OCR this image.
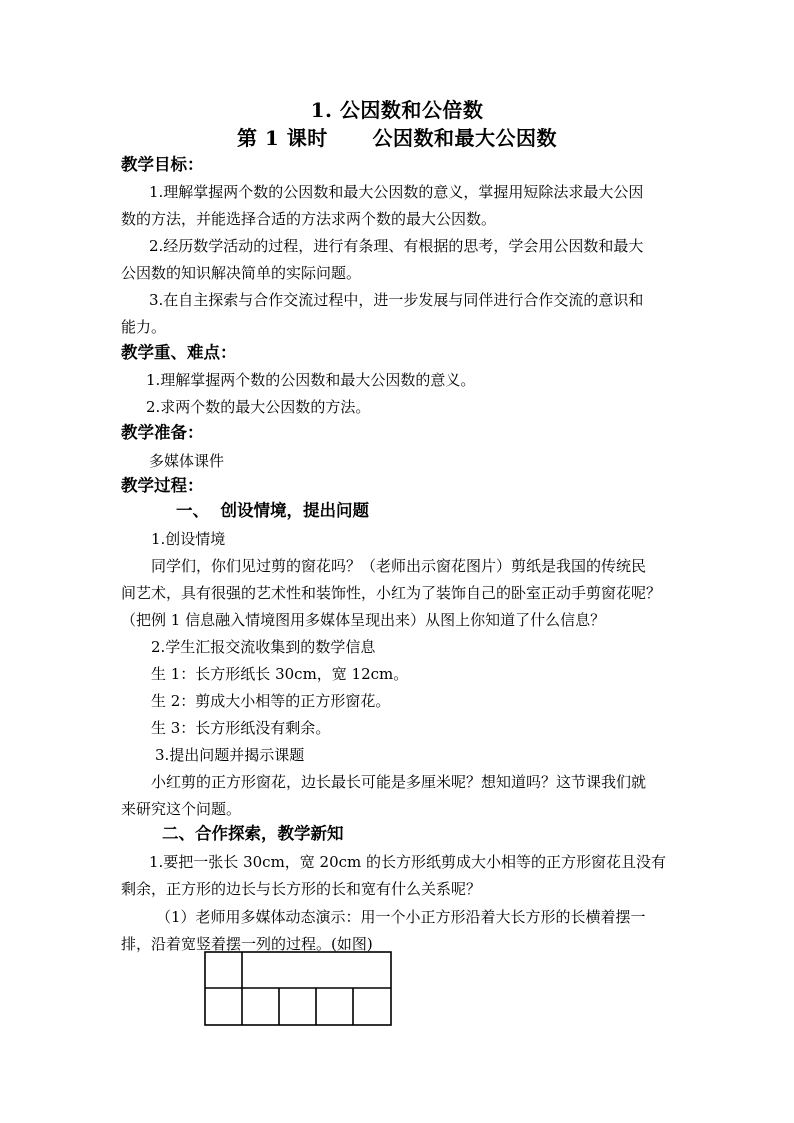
1. 公因数和公倍数
第 1 课时      公因数和最大公因数
教学目标：
1.理解掌握两个数的公因数和最大公因数的意义，掌握用短除法求最大公因
数的方法，并能选择合适的方法求两个数的最大公因数。
2.经历数学活动的过程，进行有条理、有根据的思考，学会用公因数和最大
公因数的知识解决简单的实际问题。
3.在自主探索与合作交流过程中，进一步发展与同伴进行合作交流的意识和
能力。
教学重、难点：
1.理解掌握两个数的公因数和最大公因数的意义。
2.求两个数的最大公因数的方法。
教学准备：
多媒体课件
教学过程：
一、  创设情境，提出问题
1.创设情境
同学们，你们见过剪的窗花吗？（老师出示窗花图片）剪纸是我国的传统民
间艺术，具有很强的艺术性和装饰性，小红为了装饰自己的卧室正动手剪窗花呢？
（把例 1 信息融入情境图用多媒体呈现出来）从图上你知道了什么信息？
2.学生汇报交流收集到的数学信息
生 1：长方形纸长 30cm，宽 12cm。
生 2：剪成大小相等的正方形窗花。
生 3：长方形纸没有剩余。
3.提出问题并揭示课题
小红剪的正方形窗花，边长最长可能是多厘米呢？想知道吗？这节课我们就
来研究这个问题。
二、合作探索，教学新知
1.要把一张长 30cm，宽 20cm 的长方形纸剪成大小相等的正方形窗花且没有
剩余，正方形的边长与长方形的长和宽有什么关系呢？
（1）老师用多媒体动态演示：用一个小正方形沿着大长方形的长横着摆一
排，沿着宽竖着摆一列的过程。(如图)
